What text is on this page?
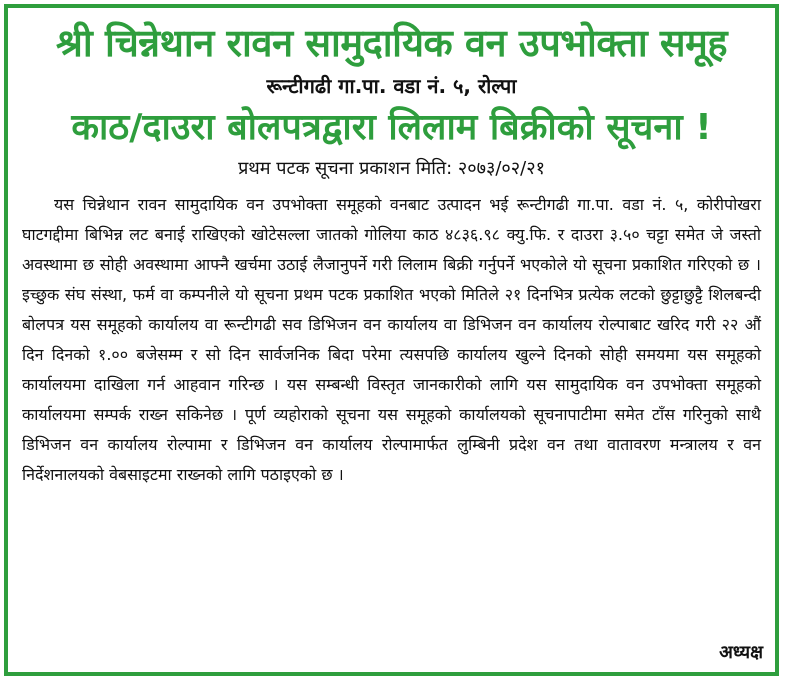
श्री चिन्नेथान रावन सामुदायिक वन उपभोक्ता समूह
रून्टीगढी गा.पा. वडा नं. ५, रोल्पा
काठ/दाउरा बोलपत्रद्वारा लिलाम बिक्रीको सूचना !
प्रथम पटक सूचना प्रकाशन मिति: २०७३/०२/२१

यस चिन्नेथान रावन सामुदायिक वन उपभोक्ता समूहको वनबाट उत्पादन भई रून्टीगढी गा.पा. वडा नं. ५, कोरीपोखरा घाटगद्दीमा बिभिन्न लट बनाई राखिएको खोटेसल्ला जातको गोलिया काठ ४८३६.९८ क्यु.फि. र दाउरा ३.५० चट्टा समेत जे जस्तो अवस्थामा छ सोही अवस्थामा आफ्नै खर्चमा उठाई लैजानुपर्ने गरी लिलाम बिक्री गर्नुपर्ने भएकोले यो सूचना प्रकाशित गरिएको छ । इच्छुक संघ संस्था, फर्म वा कम्पनीले यो सूचना प्रथम पटक प्रकाशित भएको मितिले २१ दिनभित्र प्रत्येक लटको छुट्टाछुट्टै शिलबन्दी बोलपत्र यस समूहको कार्यालय वा रून्टीगढी सव डिभिजन वन कार्यालय वा डिभिजन वन कार्यालय रोल्पाबाट खरिद गरी २२ औं दिन दिनको १.०० बजेसम्म र सो दिन सार्वजनिक बिदा परेमा त्यसपछि कार्यालय खुल्ने दिनको सोही समयमा यस समूहको कार्यालयमा दाखिला गर्न आहवान गरिन्छ । यस सम्बन्धी विस्तृत जानकारीको लागि यस सामुदायिक वन उपभोक्ता समूहको कार्यालयमा सम्पर्क राख्न सकिनेछ । पूर्ण व्यहोराको सूचना यस समूहको कार्यालयको सूचनापाटीमा समेत टाँस गरिनुको साथै डिभिजन वन कार्यालय रोल्पामा र डिभिजन वन कार्यालय रोल्पामार्फत लुम्बिनी प्रदेश वन तथा वातावरण मन्त्रालय र वन निर्देशनालयको वेबसाइटमा राख्नको लागि पठाइएको छ ।

अध्यक्ष
